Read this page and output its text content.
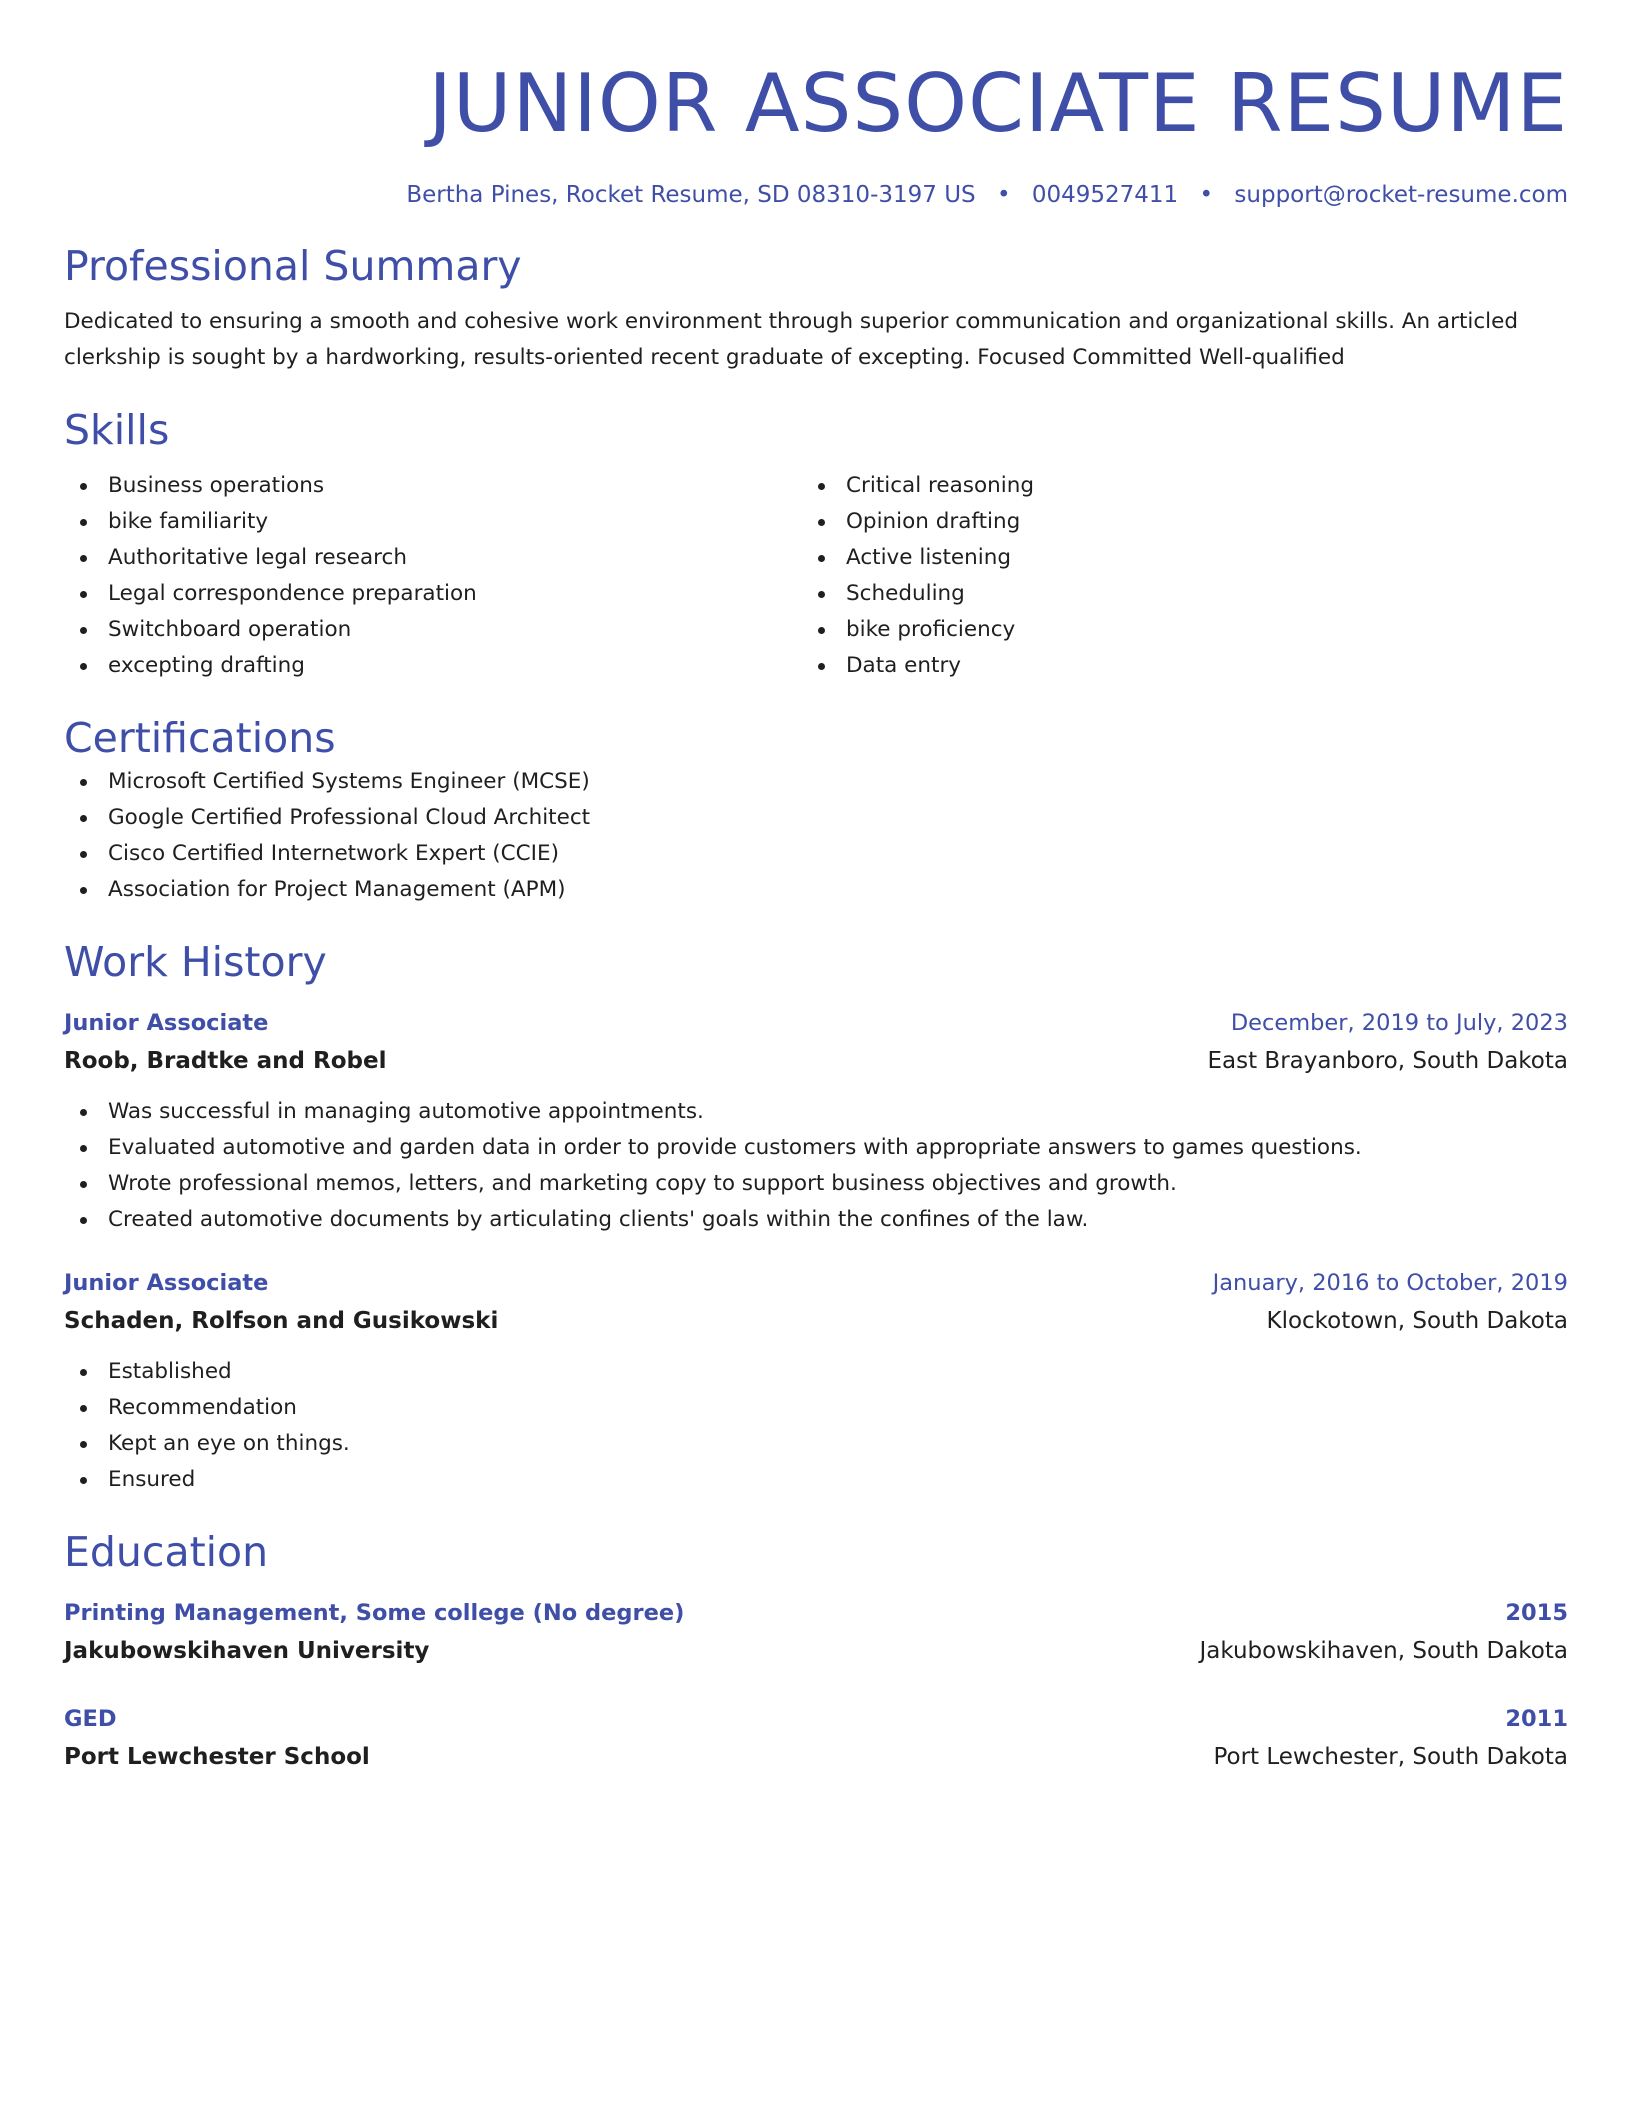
JUNIOR ASSOCIATE RESUME
Bertha Pines, Rocket Resume, SD 08310-3197 US • 0049527411 • support@rocket-resume.com
Professional Summary

Dedicated to ensuring a smooth and cohesive work environment through superior communication and organizational skills. An articled clerkship is sought by a hardworking, results-oriented recent graduate of excepting. Focused Committed Well-qualified

Skills
Business operations
bike familiarity
Authoritative legal research
Legal correspondence preparation
Switchboard operation
excepting drafting
Critical reasoning
Opinion drafting
Active listening
Scheduling
bike proficiency
Data entry
Certifications
Microsoft Certified Systems Engineer (MCSE)
Google Certified Professional Cloud Architect
Cisco Certified Internetwork Expert (CCIE)
Association for Project Management (APM)
Work History
Junior Associate	December, 2019 to July, 2023
Roob, Bradtke and Robel	East Brayanboro, South Dakota
Was successful in managing automotive appointments.
Evaluated automotive and garden data in order to provide customers with appropriate answers to games questions.
Wrote professional memos, letters, and marketing copy to support business objectives and growth.
Created automotive documents by articulating clients' goals within the confines of the law.
Junior Associate	January, 2016 to October, 2019
Schaden, Rolfson and Gusikowski	Klockotown, South Dakota
Established
Recommendation
Kept an eye on things.
Ensured
Education
Printing Management, Some college (No degree)	2015
Jakubowskihaven University	Jakubowskihaven, South Dakota
GED	2011
Port Lewchester School	Port Lewchester, South Dakota
